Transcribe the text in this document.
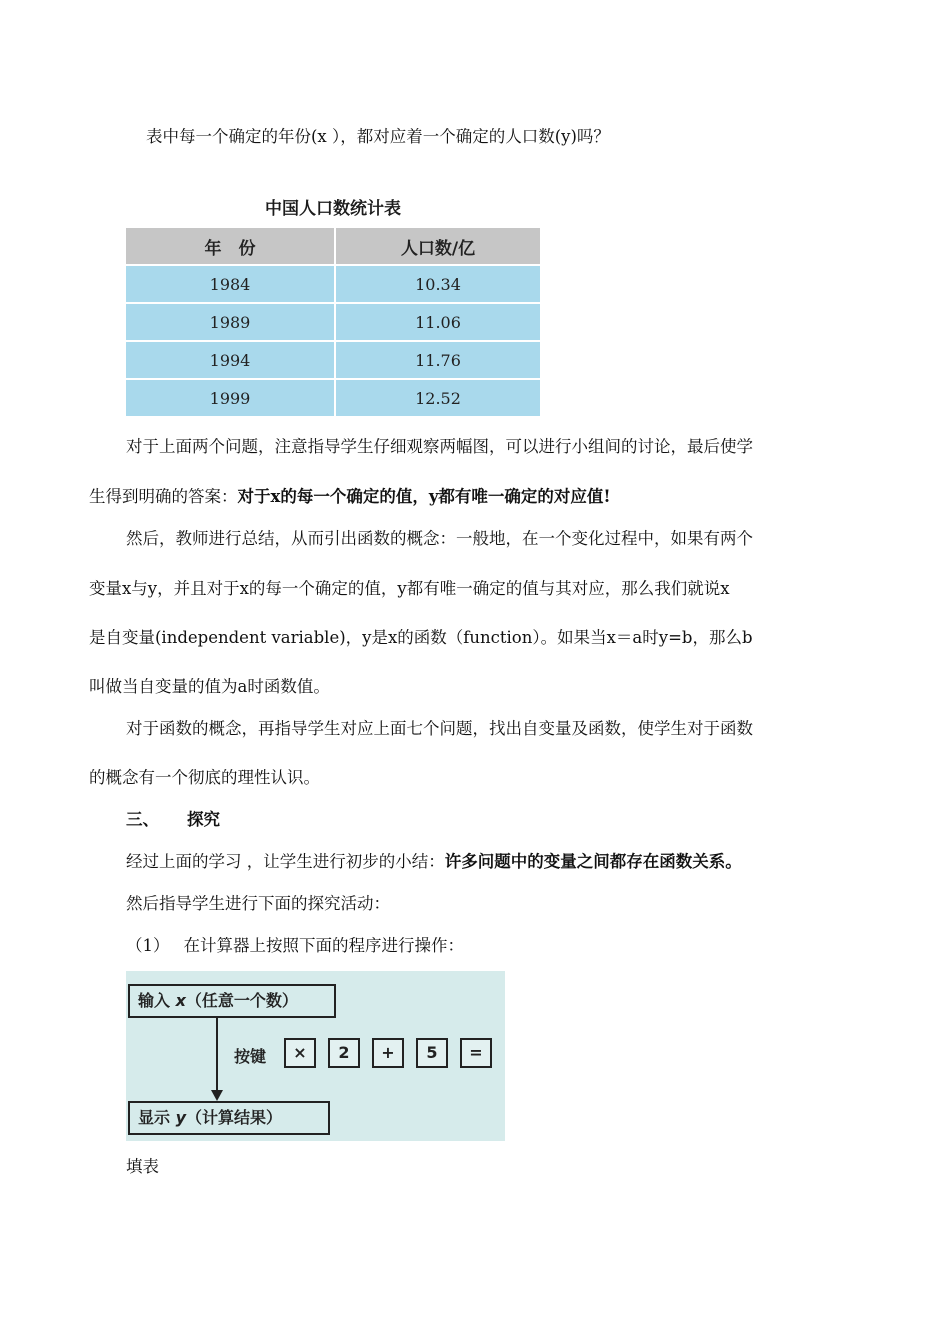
表中每一个确定的年份(x ），都对应着一个确定的人口数(y)吗？
中国人口数统计表
年　份	人口数/亿
1984	10.34
1989	11.06
1994	11.76
1999	12.52
对于上面两个问题，注意指导学生仔细观察两幅图，可以进行小组间的讨论，最后使学
生得到明确的答案：对于x的每一个确定的值，y都有唯一确定的对应值!
然后，教师进行总结，从而引出函数的概念：一般地，在一个变化过程中，如果有两个
变量x与y，并且对于x的每一个确定的值，y都有唯一确定的值与其对应，那么我们就说x
是自变量(independent variable)，y是x的函数（function）。如果当x＝a时y=b，那么b
叫做当自变量的值为a时函数值。
对于函数的概念，再指导学生对应上面七个问题，找出自变量及函数，使学生对于函数
的概念有一个彻底的理性认识。
三、 探究
经过上面的学习 ，让学生进行初步的小结：许多问题中的变量之间都存在函数关系。
然后指导学生进行下面的探究活动：
（1） 在计算器上按照下面的程序进行操作：
输入 x（任意一个数）
按键	×	2	+	5	=
显示 y（计算结果）
填表
